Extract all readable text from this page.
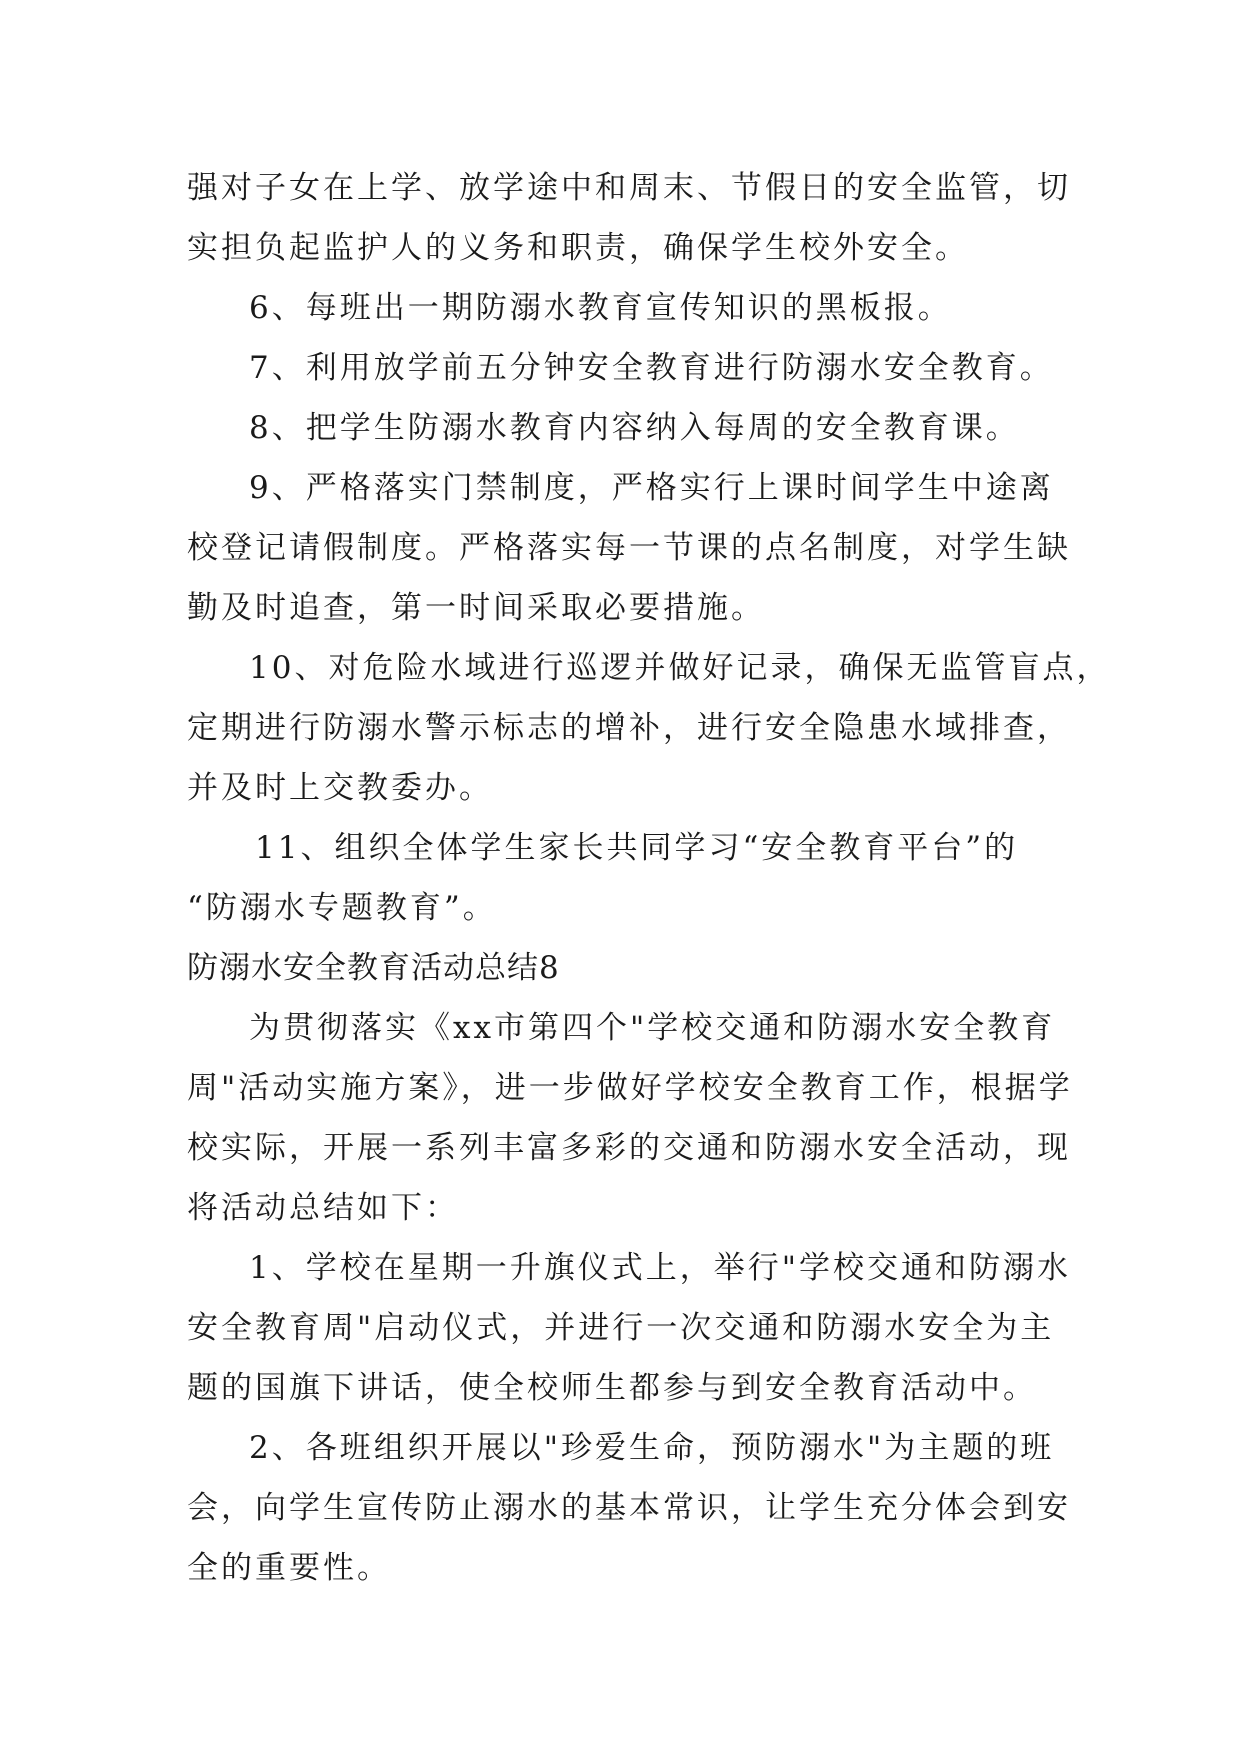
强对子女在上学、放学途中和周末、节假日的安全监管，切
实担负起监护人的义务和职责，确保学生校外安全。
6、每班出一期防溺水教育宣传知识的黑板报。
7、利用放学前五分钟安全教育进行防溺水安全教育。
8、把学生防溺水教育内容纳入每周的安全教育课。
9、严格落实门禁制度，严格实行上课时间学生中途离
校登记请假制度。严格落实每一节课的点名制度，对学生缺
勤及时追查，第一时间采取必要措施。
10、对危险水域进行巡逻并做好记录，确保无监管盲点，
定期进行防溺水警示标志的增补，进行安全隐患水域排查，
并及时上交教委办。
11、组织全体学生家长共同学习“安全教育平台”的
“防溺水专题教育”。
防溺水安全教育活动总结8
为贯彻落实《xx市第四个"学校交通和防溺水安全教育
周"活动实施方案》，进一步做好学校安全教育工作，根据学
校实际，开展一系列丰富多彩的交通和防溺水安全活动，现
将活动总结如下：
1、学校在星期一升旗仪式上，举行"学校交通和防溺水
安全教育周"启动仪式，并进行一次交通和防溺水安全为主
题的国旗下讲话，使全校师生都参与到安全教育活动中。
2、各班组织开展以"珍爱生命，预防溺水"为主题的班
会，向学生宣传防止溺水的基本常识，让学生充分体会到安
全的重要性。
